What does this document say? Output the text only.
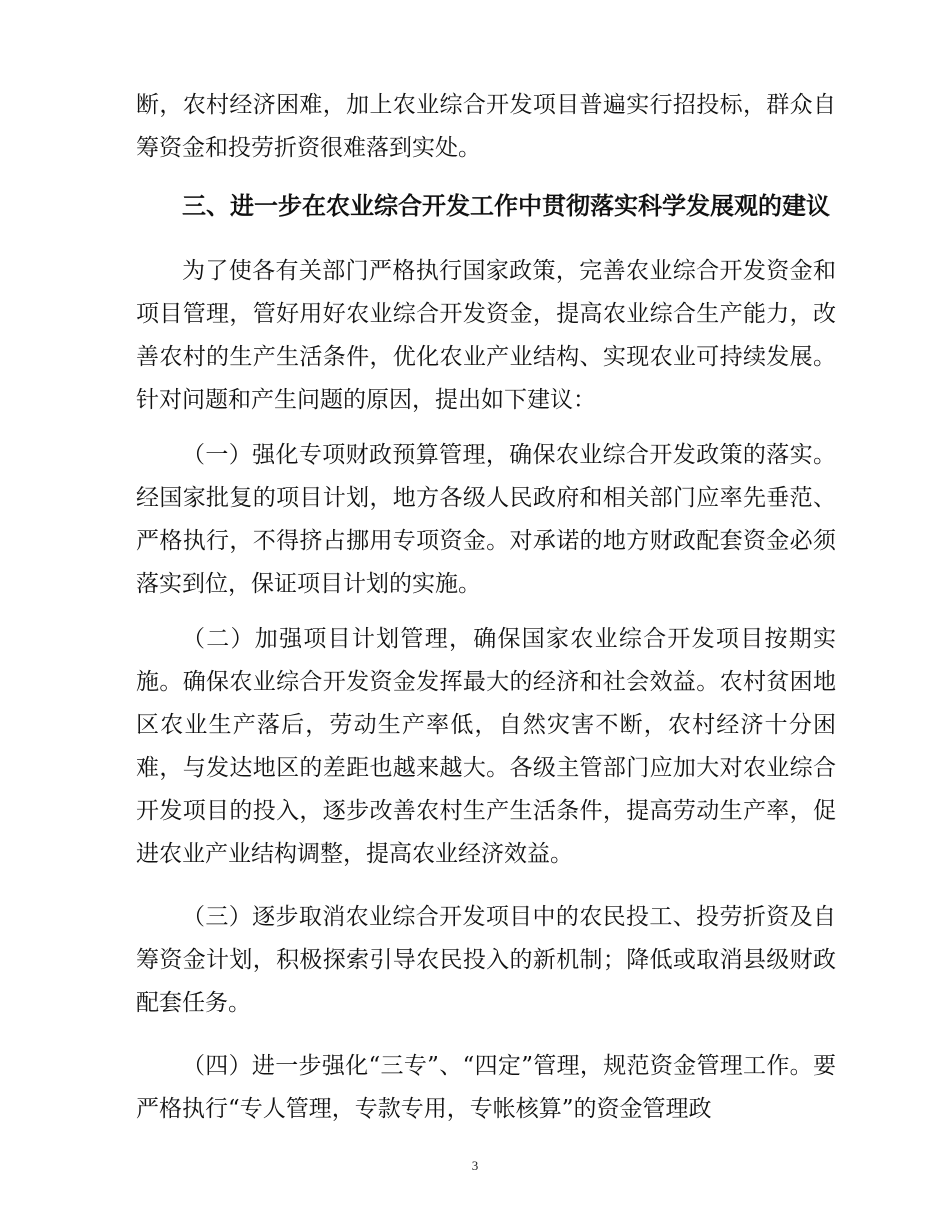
断，农村经济困难，加上农业综合开发项目普遍实行招投标，群众自筹资金和投劳折资很难落到实处。

三、进一步在农业综合开发工作中贯彻落实科学发展观的建议

为了使各有关部门严格执行国家政策，完善农业综合开发资金和项目管理，管好用好农业综合开发资金，提高农业综合生产能力，改善农村的生产生活条件，优化农业产业结构、实现农业可持续发展。针对问题和产生问题的原因，提出如下建议：

（一）强化专项财政预算管理，确保农业综合开发政策的落实。经国家批复的项目计划，地方各级人民政府和相关部门应率先垂范、严格执行，不得挤占挪用专项资金。对承诺的地方财政配套资金必须落实到位，保证项目计划的实施。

（二）加强项目计划管理，确保国家农业综合开发项目按期实施。确保农业综合开发资金发挥最大的经济和社会效益。农村贫困地区农业生产落后，劳动生产率低，自然灾害不断，农村经济十分困难，与发达地区的差距也越来越大。各级主管部门应加大对农业综合开发项目的投入，逐步改善农村生产生活条件，提高劳动生产率，促进农业产业结构调整，提高农业经济效益。

（三）逐步取消农业综合开发项目中的农民投工、投劳折资及自筹资金计划，积极探索引导农民投入的新机制；降低或取消县级财政配套任务。

（四）进一步强化“三专”、“四定”管理，规范资金管理工作。要严格执行“专人管理，专款专用，专帐核算”的资金管理政

3
